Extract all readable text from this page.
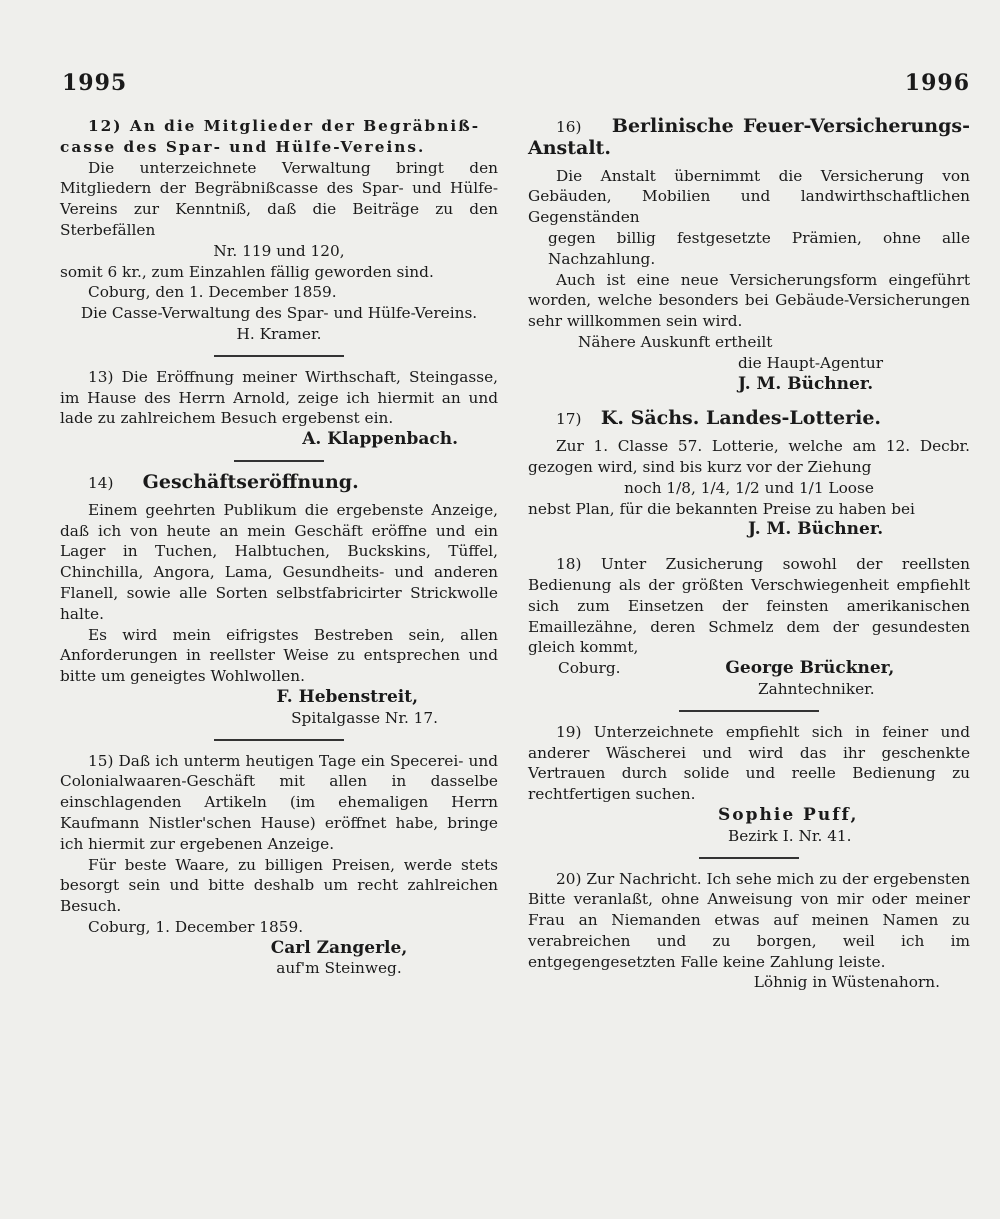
1995	1996

12) An die Mitglieder der Begräbniß-casse des Spar- und Hülfe-Vereins.

Die unterzeichnete Verwaltung bringt den Mitgliedern der Begräbnißcasse des Spar- und Hülfe-Vereins zur Kenntniß, daß die Beiträge zu den Sterbefällen

Nr. 119 und 120,

somit 6 kr., zum Einzahlen fällig geworden sind.

Coburg, den 1. December 1859.

Die Casse-Verwaltung des Spar- und Hülfe-Vereins.

H. Kramer.

13) Die Eröffnung meiner Wirthschaft, Steingasse, im Hause des Herrn Arnold, zeige ich hiermit an und lade zu zahlreichem Besuch ergebenst ein.

A. Klappenbach.

14) Geschäftseröffnung.

Einem geehrten Publikum die ergebenste Anzeige, daß ich von heute an mein Geschäft eröffne und ein Lager in Tuchen, Halbtuchen, Buckskins, Tüffel, Chinchilla, Angora, Lama, Gesundheits- und anderen Flanell, sowie alle Sorten selbstfabricirter Strickwolle halte.

Es wird mein eifrigstes Bestreben sein, allen Anforderungen in reellster Weise zu entsprechen und bitte um geneigtes Wohlwollen.

F. Hebenstreit,

Spitalgasse Nr. 17.

15) Daß ich unterm heutigen Tage ein Specerei- und Colonialwaaren-Geschäft mit allen in dasselbe einschlagenden Artikeln (im ehemaligen Herrn Kaufmann Nistler'schen Hause) eröffnet habe, bringe ich hiermit zur ergebenen Anzeige.

Für beste Waare, zu billigen Preisen, werde stets besorgt sein und bitte deshalb um recht zahlreichen Besuch.

Coburg, 1. December 1859.

Carl Zangerle,

auf'm Steinweg.

16) Berlinische Feuer-Versicherungs-Anstalt.

Die Anstalt übernimmt die Versicherung von Gebäuden, Mobilien und landwirthschaftlichen Gegenständen

gegen billig festgesetzte Prämien, ohne alle Nachzahlung.

Auch ist eine neue Versicherungsform eingeführt worden, welche besonders bei Gebäude-Versicherungen sehr willkommen sein wird.

Nähere Auskunft ertheilt

die Haupt-Agentur

J. M. Büchner.

17) K. Sächs. Landes-Lotterie.

Zur 1. Classe 57. Lotterie, welche am 12. Decbr. gezogen wird, sind bis kurz vor der Ziehung

noch 1/8, 1/4, 1/2 und 1/1 Loose

nebst Plan, für die bekannten Preise zu haben bei

J. M. Büchner.

18) Unter Zusicherung sowohl der reellsten Bedienung als der größten Verschwiegenheit empfiehlt sich zum Einsetzen der feinsten amerikanischen Emaillezähne, deren Schmelz dem der gesundesten gleich kommt,

Coburg.	George Brückner,

Zahntechniker.

19) Unterzeichnete empfiehlt sich in feiner und anderer Wäscherei und wird das ihr geschenkte Vertrauen durch solide und reelle Bedienung zu rechtfertigen suchen.

Sophie Puff,

Bezirk I. Nr. 41.

20) Zur Nachricht. Ich sehe mich zu der ergebensten Bitte veranlaßt, ohne Anweisung von mir oder meiner Frau an Niemanden etwas auf meinen Namen zu verabreichen und zu borgen, weil ich im entgegengesetzten Falle keine Zahlung leiste.

Löhnig in Wüstenahorn.
